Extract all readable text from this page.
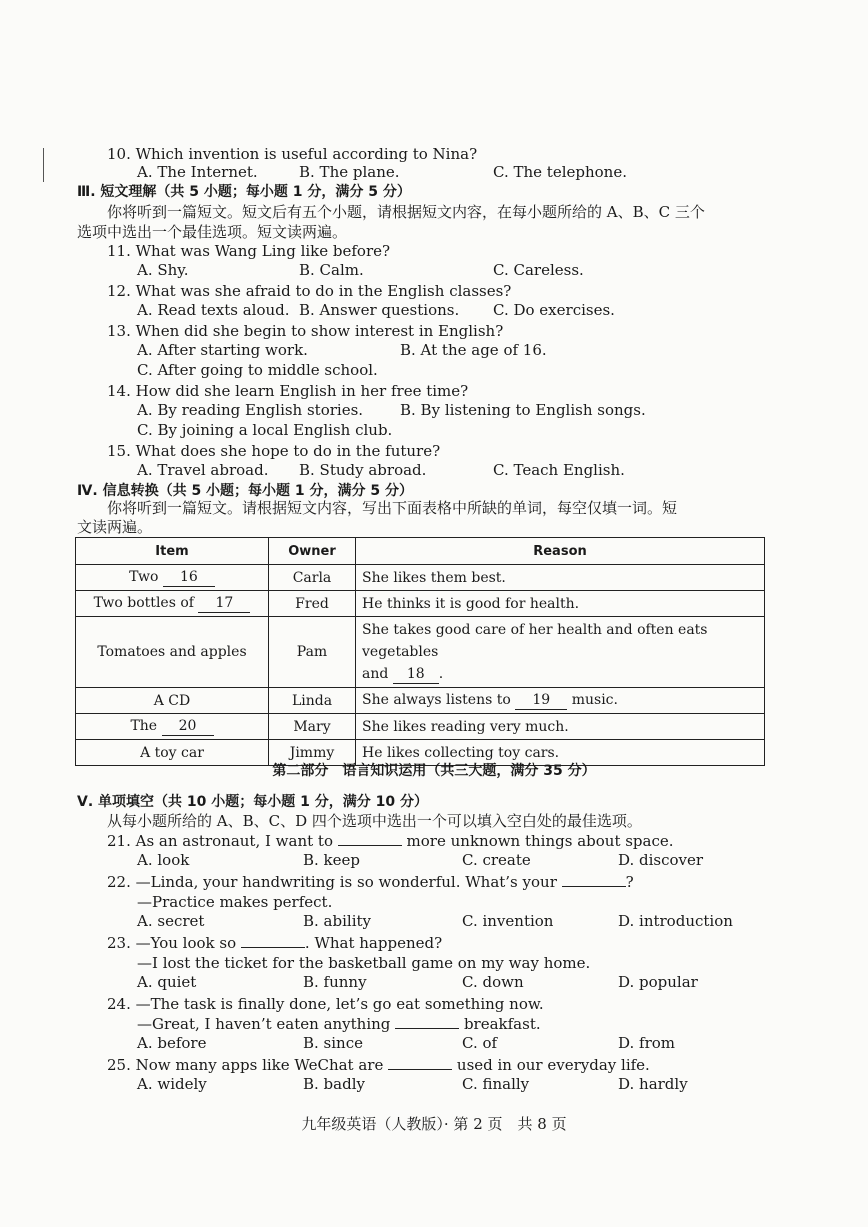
10. Which invention is useful according to Nina?
A. The Internet.	B. The plane.	C. The telephone.
Ⅲ. 短文理解（共 5 小题；每小题 1 分，满分 5 分）
你将听到一篇短文。短文后有五个小题，请根据短文内容，在每小题所给的 A、B、C 三个
选项中选出一个最佳选项。短文读两遍。
11. What was Wang Ling like before?
A. Shy.	B. Calm.	C. Careless.
12. What was she afraid to do in the English classes?
A. Read texts aloud. B. Answer questions. C. Do exercises.
13. When did she begin to show interest in English?
A. After starting work.	B. At the age of 16.
C. After going to middle school.
14. How did she learn English in her free time?
A. By reading English stories. B. By listening to English songs.
C. By joining a local English club.
15. What does she hope to do in the future?
A. Travel abroad. B. Study abroad.	C. Teach English.
Ⅳ. 信息转换（共 5 小题；每小题 1 分，满分 5 分）
你将听到一篇短文。请根据短文内容，写出下面表格中所缺的单词，每空仅填一词。短
文读两遍。
Item	Owner	Reason
Two 16	Carla	She likes them best.
Two bottles of 17	Fred	He thinks it is good for health.
Tomatoes and apples	Pam	She takes good care of her health and often eats vegetables
and 18 .
A CD	Linda	She always listens to 19 music.
The 20	Mary	She likes reading very much.
A toy car	Jimmy	He likes collecting toy cars.
第二部分　语言知识运用（共三大题，满分 35 分）
Ⅴ. 单项填空（共 10 小题；每小题 1 分，满分 10 分）
从每小题所给的 A、B、C、D 四个选项中选出一个可以填入空白处的最佳选项。
21. As an astronaut, I want to	more unknown things about space.
A. look	B. keep	C. create	D. discover
22. —Linda, your handwriting is so wonderful. What’s your	?
—Practice makes perfect.
A. secret	B. ability	C. invention	D. introduction
23. —You look so	. What happened?
—I lost the ticket for the basketball game on my way home.
A. quiet	B. funny	C. down	D. popular
24. —The task is finally done, let’s go eat something now.
—Great, I haven’t eaten anything	breakfast.
A. before	B. since	C. of	D. from
25. Now many apps like WeChat are	used in our everyday life.
A. widely	B. badly	C. finally	D. hardly
九年级英语（人教版）· 第 2 页　共 8 页
